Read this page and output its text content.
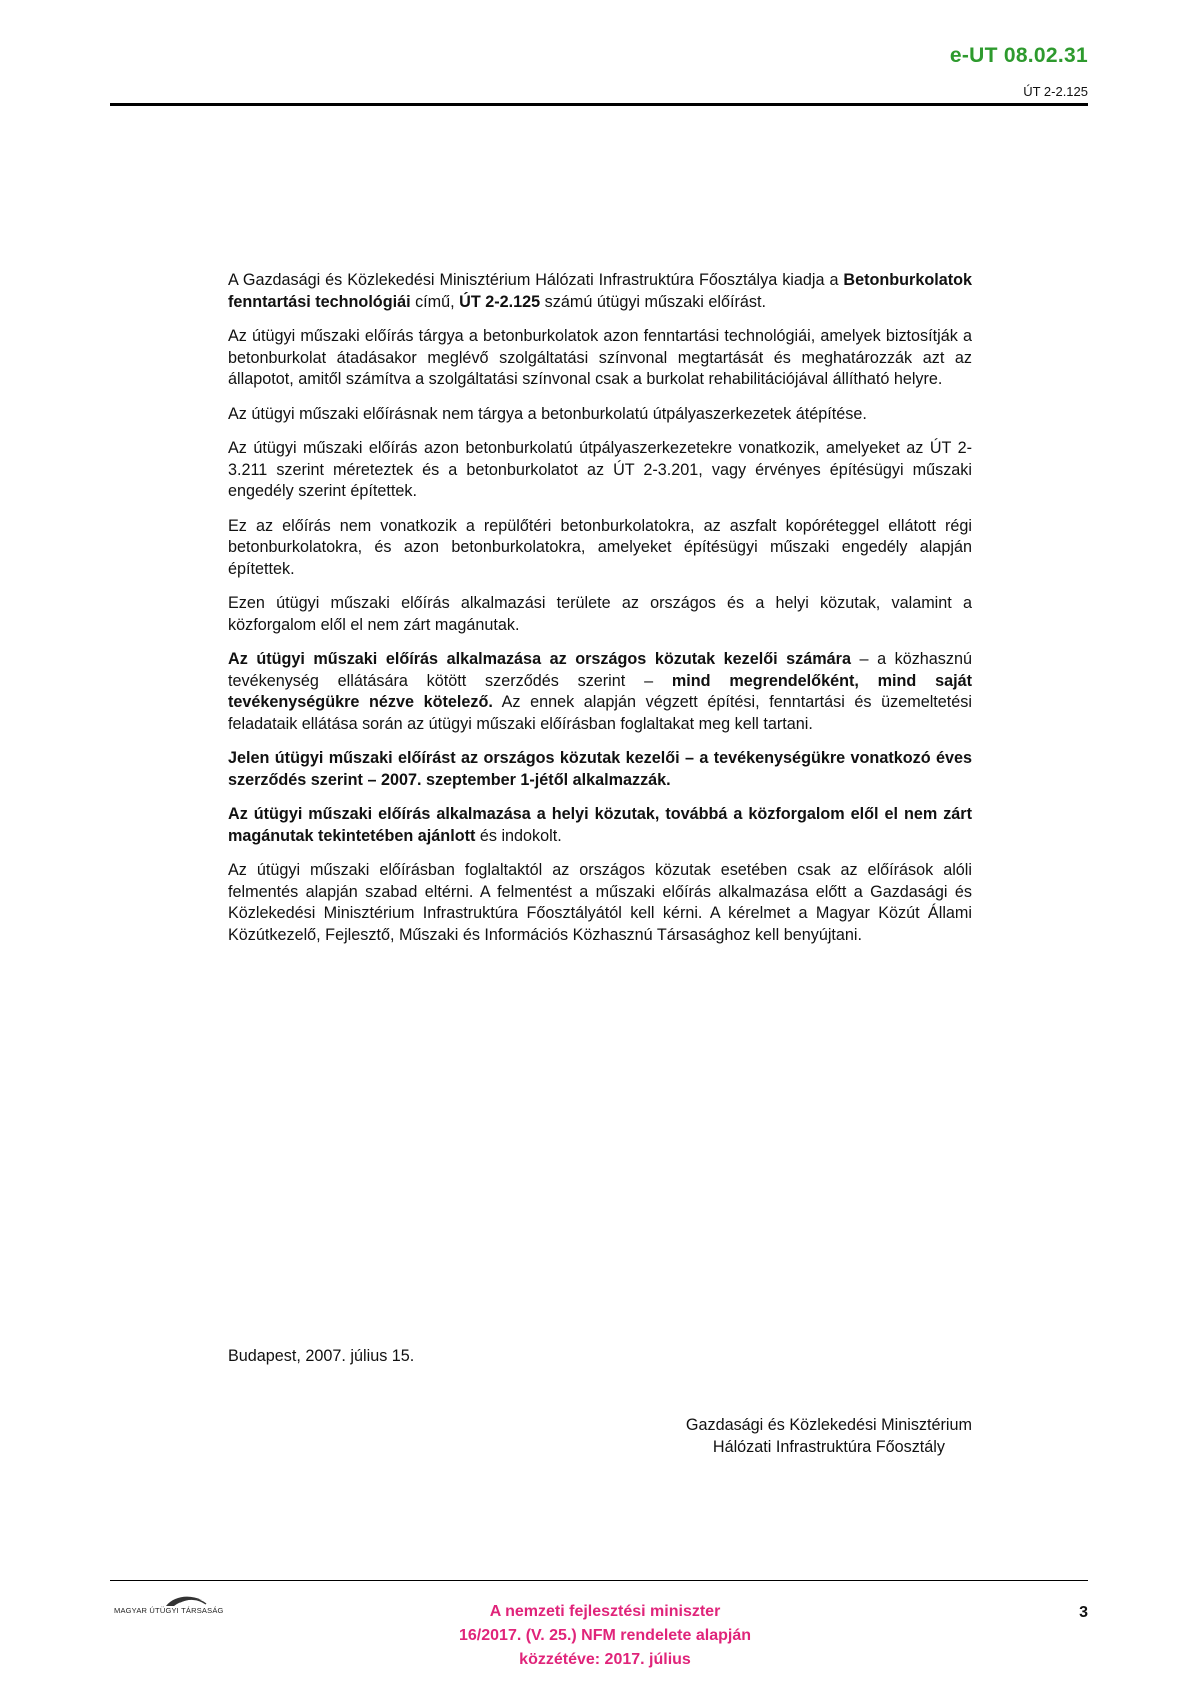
e-UT 08.02.31
ÚT 2-2.125

A Gazdasági és Közlekedési Minisztérium Hálózati Infrastruktúra Főosztálya kiadja a Betonburkolatok fenntartási technológiái című, ÚT 2-2.125 számú útügyi műszaki előírást.

Az útügyi műszaki előírás tárgya a betonburkolatok azon fenntartási technológiái, amelyek biztosítják a betonburkolat átadásakor meglévő szolgáltatási színvonal megtartását és meghatározzák azt az állapotot, amitől számítva a szolgáltatási színvonal csak a burkolat rehabilitációjával állítható helyre.

Az útügyi műszaki előírásnak nem tárgya a betonburkolatú útpályaszerkezetek átépítése.

Az útügyi műszaki előírás azon betonburkolatú útpályaszerkezetekre vonatkozik, amelyeket az ÚT 2-3.211 szerint méreteztek és a betonburkolatot az ÚT 2-3.201, vagy érvényes építésügyi műszaki engedély szerint építettek.

Ez az előírás nem vonatkozik a repülőtéri betonburkolatokra, az aszfalt kopóréteggel ellátott régi betonburkolatokra, és azon betonburkolatokra, amelyeket építésügyi műszaki engedély alapján építettek.

Ezen útügyi műszaki előírás alkalmazási területe az országos és a helyi közutak, valamint a közforgalom elől el nem zárt magánutak.

Az útügyi műszaki előírás alkalmazása az országos közutak kezelői számára – a közhasznú tevékenység ellátására kötött szerződés szerint – mind megrendelőként, mind saját tevékenységükre nézve kötelező. Az ennek alapján végzett építési, fenntartási és üzemeltetési feladataik ellátása során az útügyi műszaki előírásban foglaltakat meg kell tartani.

Jelen útügyi műszaki előírást az országos közutak kezelői – a tevékenységükre vonatkozó éves szerződés szerint – 2007. szeptember 1-jétől alkalmazzák.

Az útügyi műszaki előírás alkalmazása a helyi közutak, továbbá a közforgalom elől el nem zárt magánutak tekintetében ajánlott és indokolt.

Az útügyi műszaki előírásban foglaltaktól az országos közutak esetében csak az előírások alóli felmentés alapján szabad eltérni. A felmentést a műszaki előírás alkalmazása előtt a Gazdasági és Közlekedési Minisztérium Infrastruktúra Főosztályától kell kérni. A kérelmet a Magyar Közút Állami Közútkezelő, Fejlesztő, Műszaki és Információs Közhasznú Társasághoz kell benyújtani.

Budapest, 2007. július 15.
Gazdasági és Közlekedési Minisztérium
Hálózati Infrastruktúra Főosztály
MAGYAR ÚTÜGYI TÁRSASÁG	A nemzeti fejlesztési miniszter
16/2017. (V. 25.) NFM rendelete alapján
közzétéve: 2017. július
3
